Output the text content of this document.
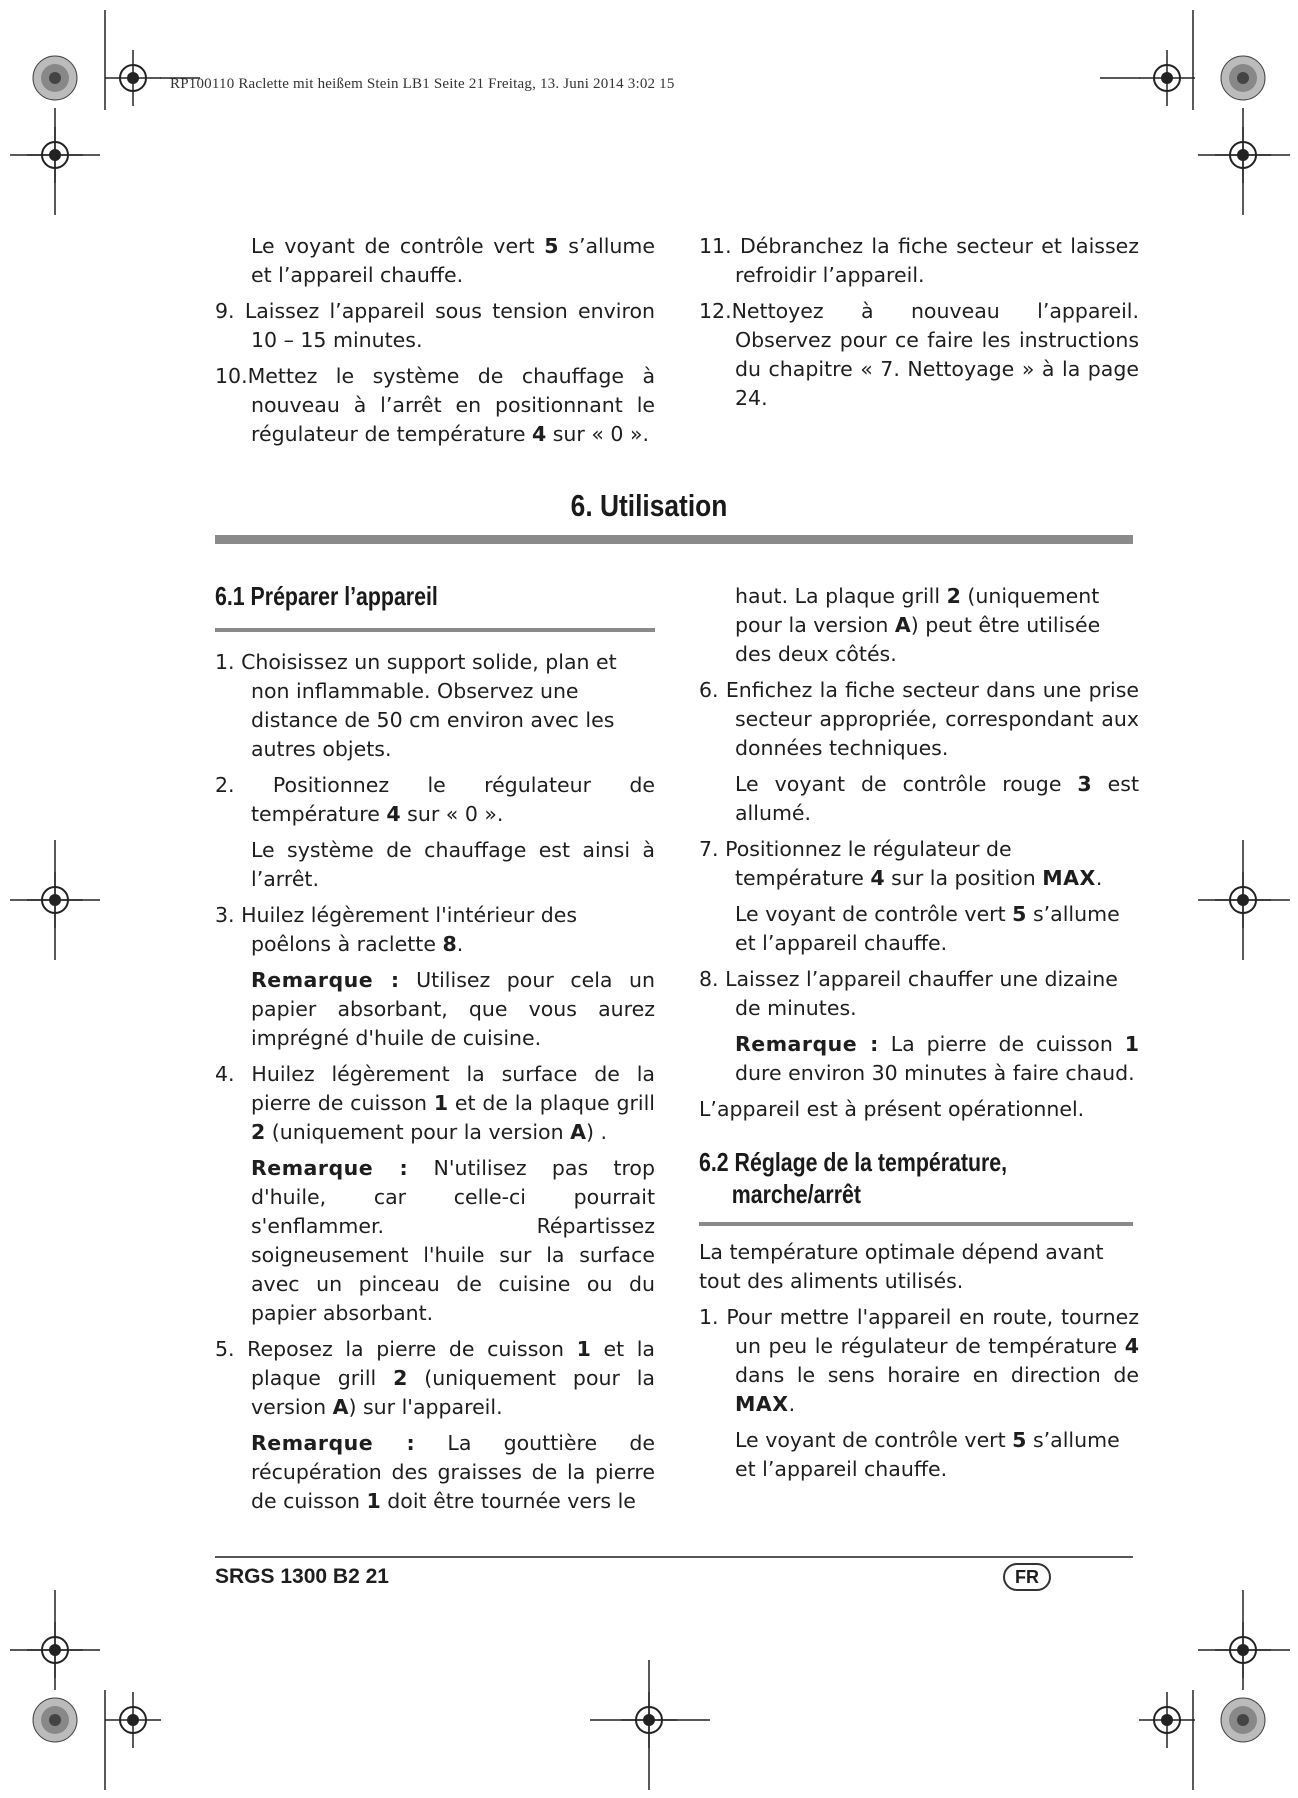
RP100110 Raclette mit heißem Stein LB1 Seite 21 Freitag, 13. Juni 2014 3:02 15

Le voyant de contrôle vert 5 s’allume et l’appareil chauffe.

9. Laissez l’appareil sous tension environ 10 – 15 minutes.

10.Mettez le système de chauffage à nouveau à l’arrêt en positionnant le régulateur de température 4 sur « 0 ».

11. Débranchez la fiche secteur et laissez refroidir l’appareil.

12.Nettoyez à nouveau l’appareil. Observez pour ce faire les instructions du chapitre « 7. Nettoyage » à la page 24.

6. Utilisation
6.1 Préparer l’appareil

1. Choisissez un support solide, plan et non inflammable. Observez une distance de 50 cm environ avec les autres objets.

2. Positionnez le régulateur de température 4 sur « 0 ».

Le système de chauffage est ainsi à l’arrêt.

3. Huilez légèrement l'intérieur des poêlons à raclette 8.

Remarque : Utilisez pour cela un papier absorbant, que vous aurez imprégné d'huile de cuisine.

4. Huilez légèrement la surface de la pierre de cuisson 1 et de la plaque grill 2 (uniquement pour la version A) .

Remarque : N'utilisez pas trop d'huile, car celle-ci pourrait s'enflammer. Répartissez soigneusement l'huile sur la surface avec un pinceau de cuisine ou du papier absorbant.

5. Reposez la pierre de cuisson 1 et la plaque grill 2 (uniquement pour la version A) sur l'appareil.

Remarque : La gouttière de récupération des graisses de la pierre de cuisson 1 doit être tournée vers le

haut. La plaque grill 2 (uniquement pour la version A) peut être utilisée des deux côtés.

6. Enfichez la fiche secteur dans une prise secteur appropriée, correspondant aux données techniques.

Le voyant de contrôle rouge 3 est allumé.

7. Positionnez le régulateur de température 4 sur la position MAX.

Le voyant de contrôle vert 5 s’allume et l’appareil chauffe.

8. Laissez l’appareil chauffer une dizaine de minutes.

Remarque : La pierre de cuisson 1 dure environ 30 minutes à faire chaud.

L’appareil est à présent opérationnel.

6.2 Réglage de la température,
marche/arrêt

La température optimale dépend avant tout des aliments utilisés.

1. Pour mettre l'appareil en route, tournez un peu le régulateur de température 4 dans le sens horaire en direction de MAX.

Le voyant de contrôle vert 5 s’allume et l’appareil chauffe.

SRGS 1300 B2 21	FR
